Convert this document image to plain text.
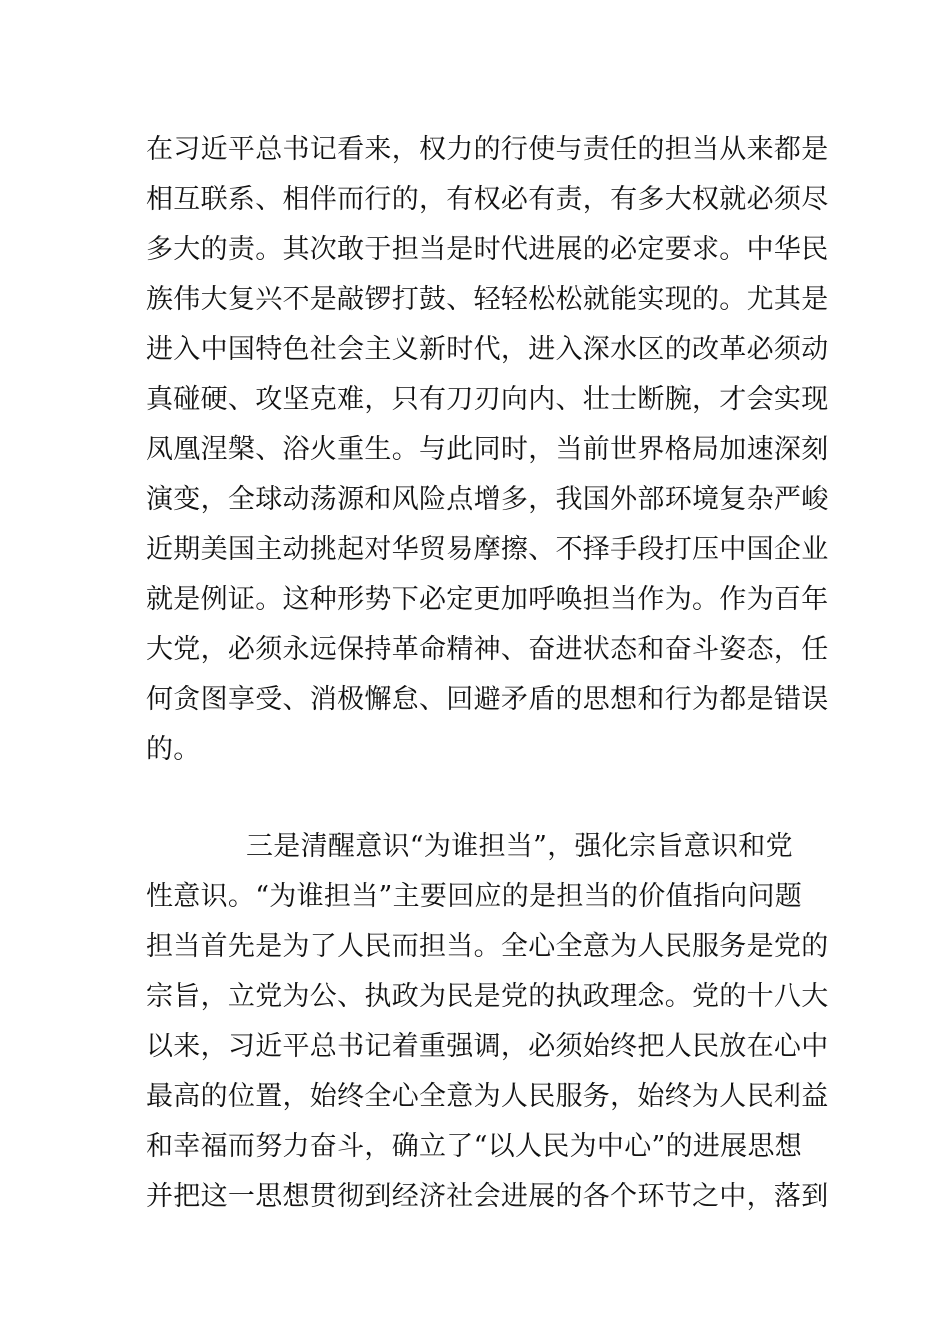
在习近平总书记看来，权力的行使与责任的担当从来都是
相互联系、相伴而行的，有权必有责，有多大权就必须尽
多大的责。其次敢于担当是时代进展的必定要求。中华民
族伟大复兴不是敲锣打鼓、轻轻松松就能实现的。尤其是
进入中国特色社会主义新时代，进入深水区的改革必须动
真碰硬、攻坚克难，只有刀刃向内、壮士断腕，才会实现
凤凰涅槃、浴火重生。与此同时，当前世界格局加速深刻
演变，全球动荡源和风险点增多，我国外部环境复杂严峻
近期美国主动挑起对华贸易摩擦、不择手段打压中国企业
就是例证。这种形势下必定更加呼唤担当作为。作为百年
大党，必须永远保持革命精神、奋进状态和奋斗姿态，任
何贪图享受、消极懈怠、回避矛盾的思想和行为都是错误
的。
三是清醒意识“为谁担当”，强化宗旨意识和党
性意识。“为谁担当”主要回应的是担当的价值指向问题
担当首先是为了人民而担当。全心全意为人民服务是党的
宗旨，立党为公、执政为民是党的执政理念。党的十八大
以来，习近平总书记着重强调，必须始终把人民放在心中
最高的位置，始终全心全意为人民服务，始终为人民利益
和幸福而努力奋斗，确立了“以人民为中心”的进展思想
并把这一思想贯彻到经济社会进展的各个环节之中，落到
